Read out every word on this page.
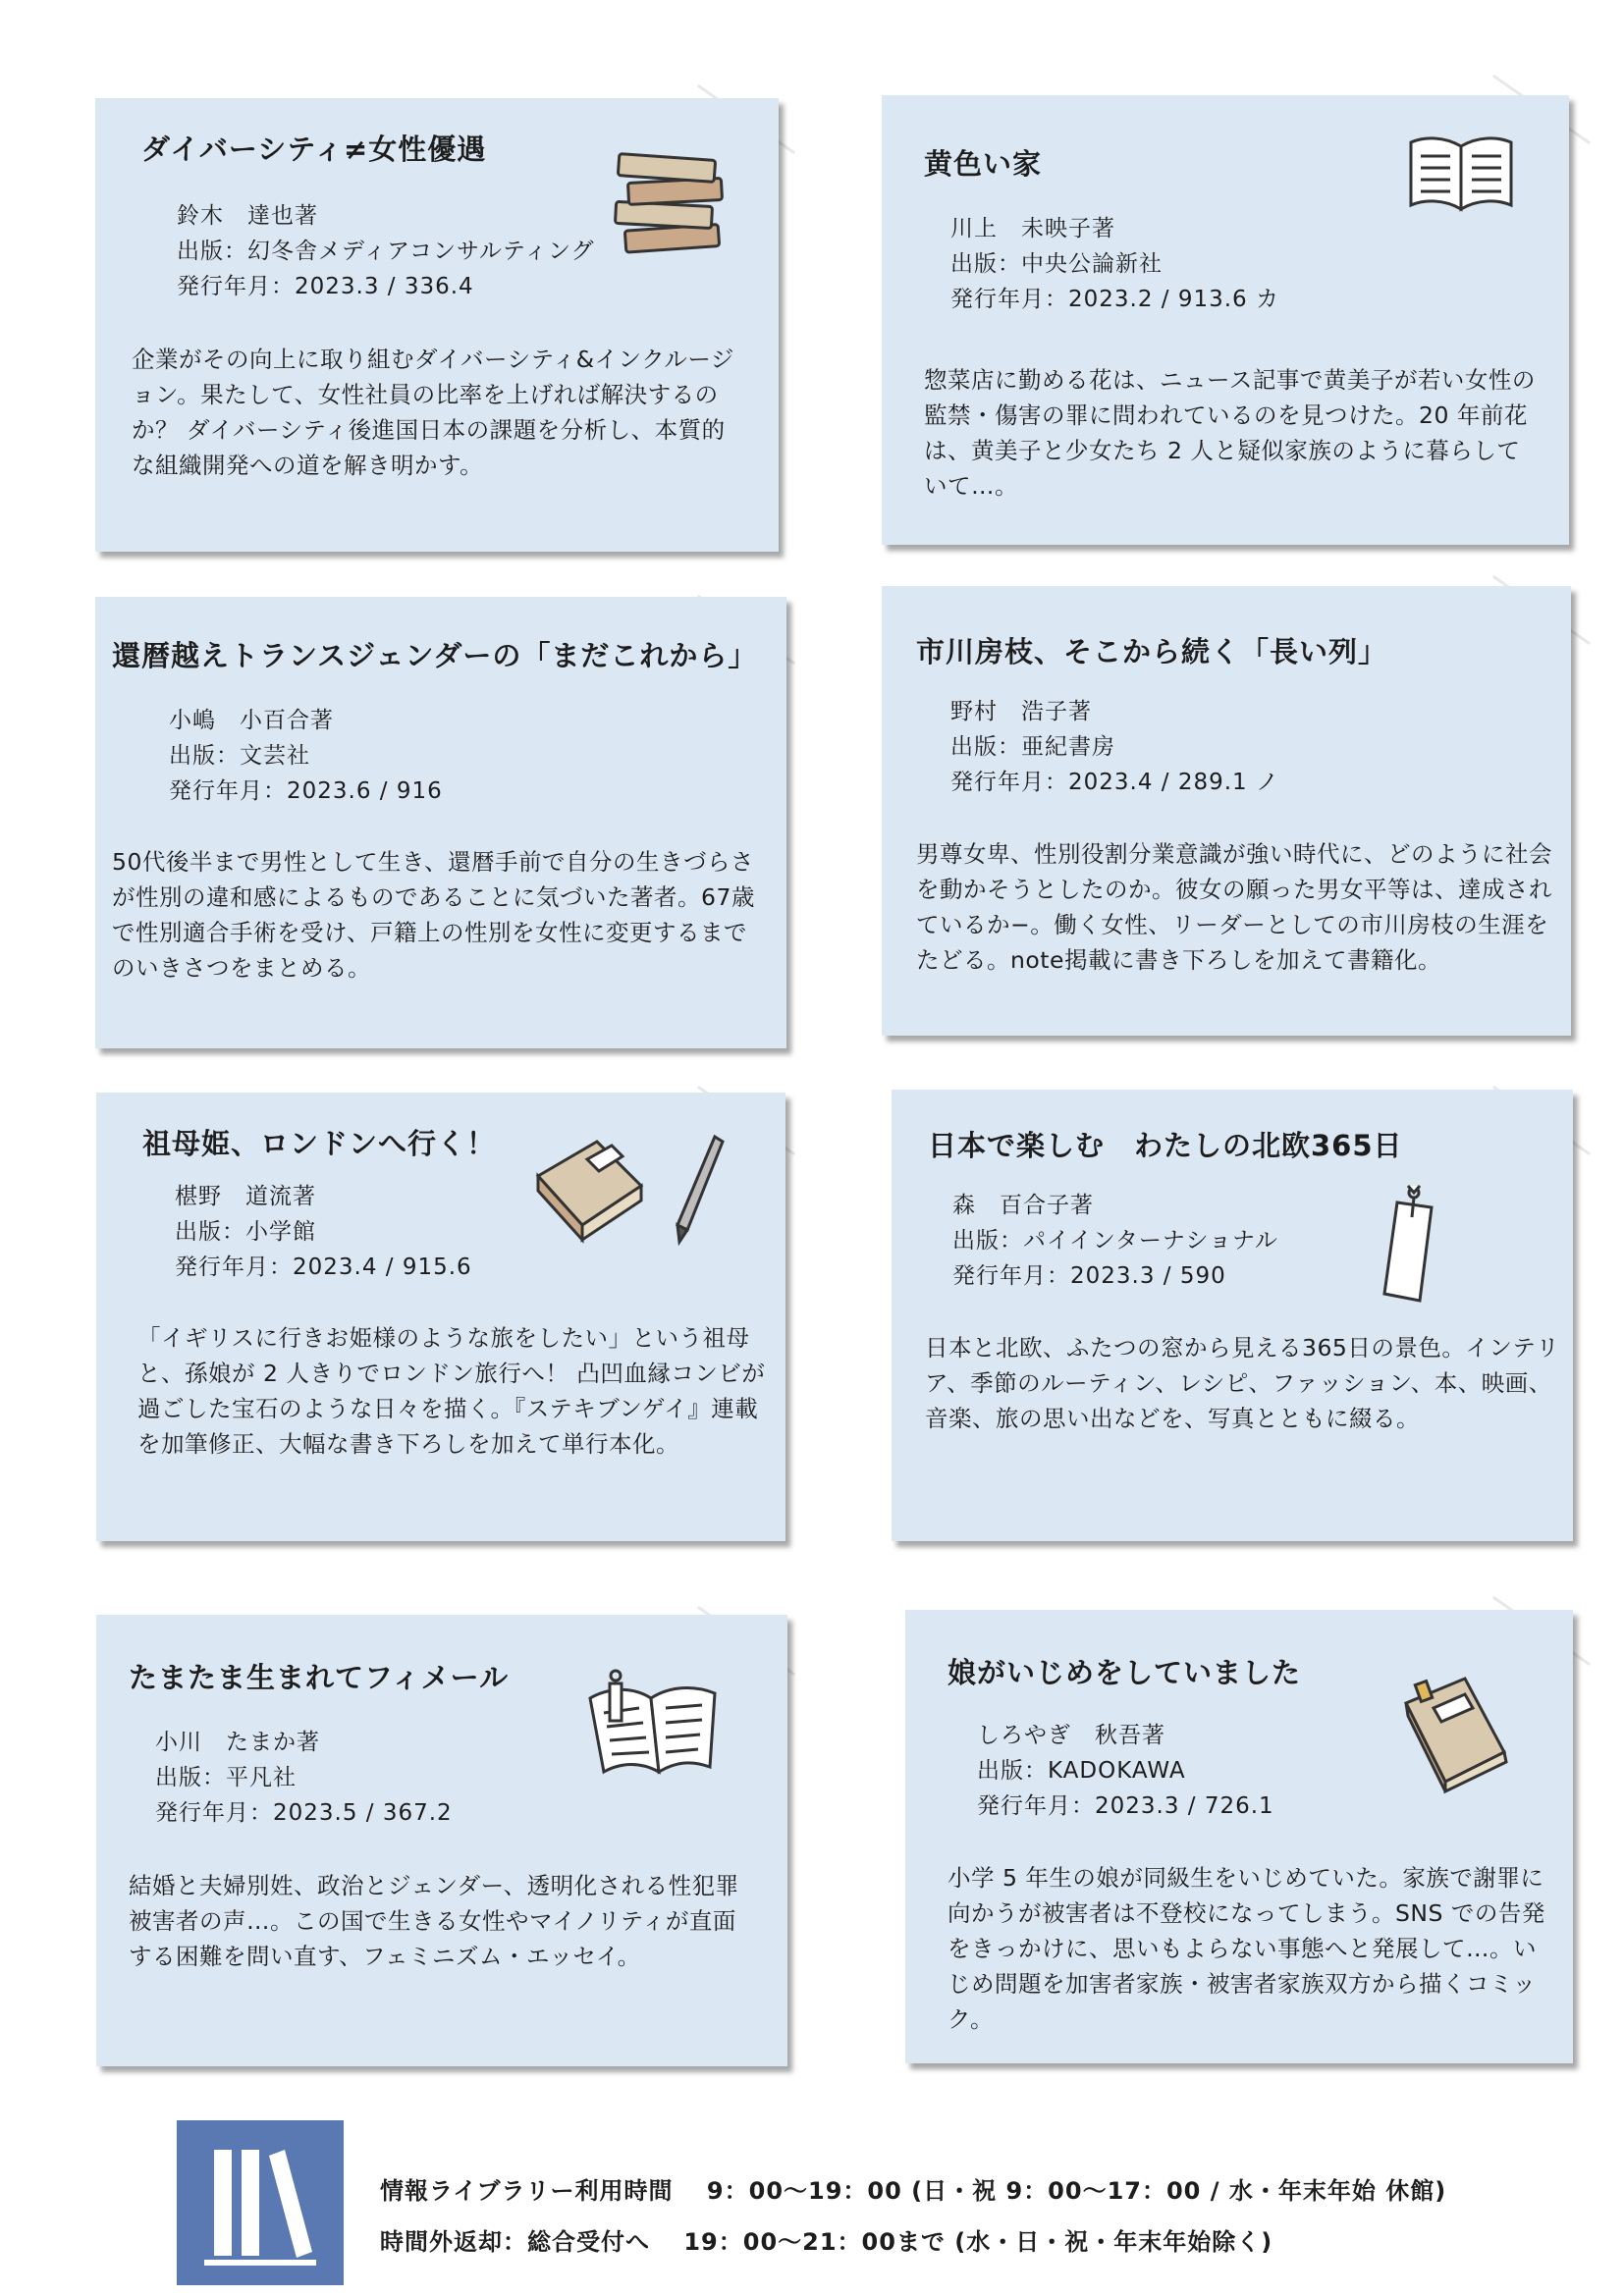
ダイバーシティ≠女性優遇
鈴木　達也著
出版：幻冬舎メディアコンサルティング
発行年月：2023.3 / 336.4
企業がその向上に取り組むダイバーシティ&インクルージョン。果たして、女性社員の比率を上げれば解決するのか？ ダイバーシティ後進国日本の課題を分析し、本質的な組織開発への道を解き明かす。
黄色い家
川上　未映子著
出版：中央公論新社
発行年月：2023.2 / 913.6 カ
惣菜店に勤める花は、ニュース記事で黄美子が若い女性の監禁・傷害の罪に問われているのを見つけた。20 年前花は、黄美子と少女たち 2 人と疑似家族のように暮らしていて…。
還暦越えトランスジェンダーの「まだこれから」
小嶋　小百合著
出版：文芸社
発行年月：2023.6 / 916
50代後半まで男性として生き、還暦手前で自分の生きづらさが性別の違和感によるものであることに気づいた著者。67歳で性別適合手術を受け、戸籍上の性別を女性に変更するまでのいきさつをまとめる。
市川房枝、そこから続く「長い列」
野村　浩子著
出版：亜紀書房
発行年月：2023.4 / 289.1 ノ
男尊女卑、性別役割分業意識が強い時代に、どのように社会を動かそうとしたのか。彼女の願った男女平等は、達成されているか−。働く女性、リーダーとしての市川房枝の生涯をたどる。note掲載に書き下ろしを加えて書籍化。
祖母姫、ロンドンへ行く！
椹野　道流著
出版：小学館
発行年月：2023.4 / 915.6
「イギリスに行きお姫様のような旅をしたい」という祖母と、孫娘が 2 人きりでロンドン旅行へ！ 凸凹血縁コンビが過ごした宝石のような日々を描く。『ステキブンゲイ』連載を加筆修正、大幅な書き下ろしを加えて単行本化。
日本で楽しむ　わたしの北欧365日
森　百合子著
出版：パイインターナショナル
発行年月：2023.3 / 590
日本と北欧、ふたつの窓から見える365日の景色。インテリア、季節のルーティン、レシピ、ファッション、本、映画、音楽、旅の思い出などを、写真とともに綴る。
たまたま生まれてフィメール
小川　たまか著
出版：平凡社
発行年月：2023.5 / 367.2
結婚と夫婦別姓、政治とジェンダー、透明化される性犯罪被害者の声…。この国で生きる女性やマイノリティが直面する困難を問い直す、フェミニズム・エッセイ。
娘がいじめをしていました
しろやぎ　秋吾著
出版：KADOKAWA
発行年月：2023.3 / 726.1
小学 5 年生の娘が同級生をいじめていた。家族で謝罪に向かうが被害者は不登校になってしまう。SNS での告発をきっかけに、思いもよらない事態へと発展して…。いじめ問題を加害者家族・被害者家族双方から描くコミック。
情報ライブラリー利用時間　 9：00～19：00 (日・祝 9：00～17：00 / 水・年末年始 休館)
時間外返却：総合受付へ　 19：00～21：00まで (水・日・祝・年末年始除く)
